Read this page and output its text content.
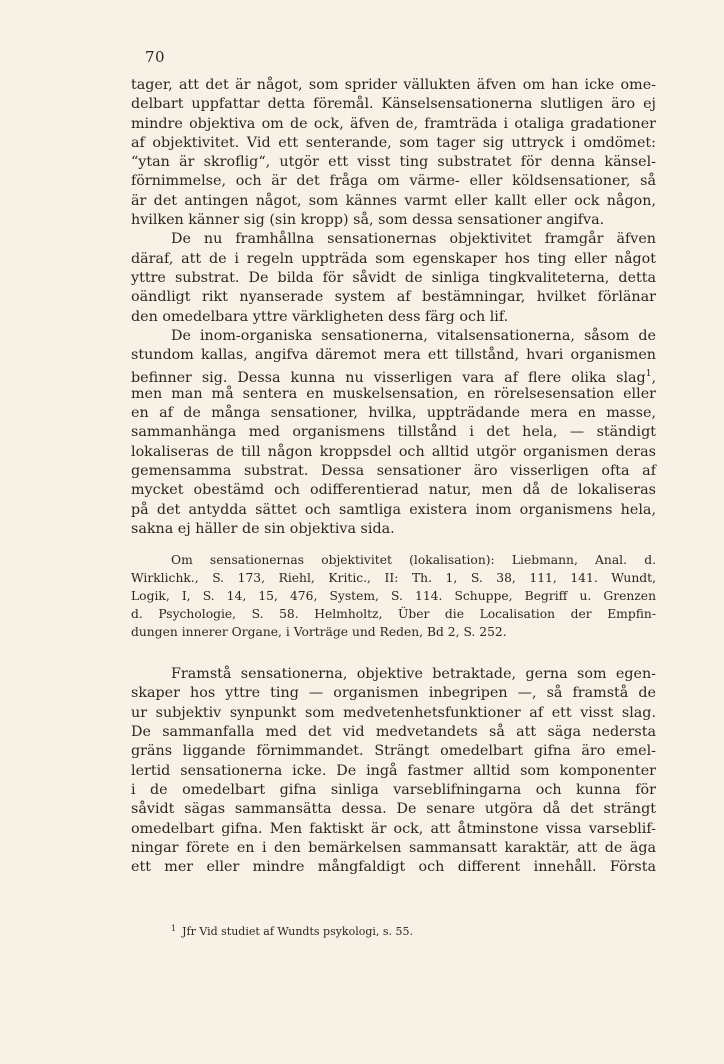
70
tager, att det är något, som sprider vällukten äfven om han icke ome-
delbart uppfattar detta föremål. Känselsensationerna slutligen äro ej
mindre objektiva om de ock, äfven de, framträda i otaliga gradationer
af objektivitet. Vid ett senterande, som tager sig uttryck i omdömet:
“ytan är skroflig“, utgör ett visst ting substratet för denna känsel-
förnimmelse, och är det fråga om värme- eller köldsensationer, så
är det antingen något, som kännes varmt eller kallt eller ock någon,
hvilken känner sig (sin kropp) så, som dessa sensationer angifva.
De nu framhållna sensationernas objektivitet framgår äfven
däraf, att de i regeln uppträda som egenskaper hos ting eller något
yttre substrat. De bilda för såvidt de sinliga tingkvaliteterna, detta
oändligt rikt nyanserade system af bestämningar, hvilket förlänar
den omedelbara yttre värkligheten dess färg och lif.
De inom-organiska sensationerna, vitalsensationerna, såsom de
stundom kallas, angifva däremot mera ett tillstånd, hvari organismen
befinner sig. Dessa kunna nu visserligen vara af flere olika slag$^1$,
men man må sentera en muskelsensation, en rörelsesensation eller
en af de många sensationer, hvilka, uppträdande mera en masse,
sammanhänga med organismens tillstånd i det hela, — ständigt
lokaliseras de till någon kroppsdel och alltid utgör organismen deras
gemensamma substrat. Dessa sensationer äro visserligen ofta af
mycket obestämd och odifferentierad natur, men då de lokaliseras
på det antydda sättet och samtliga existera inom organismens hela,
sakna ej häller de sin objektiva sida.
Om sensationernas objektivitet (lokalisation): Liebmann, Anal. d.
Wirklichk., S. 173, Riehl, Kritic., II: Th. 1, S. 38, 111, 141. Wundt,
Logik, I, S. 14, 15, 476, System, S. 114. Schuppe, Begriff u. Grenzen
d. Psychologie, S. 58. Helmholtz, Über die Localisation der Empfin-
dungen innerer Organe, i Vorträge und Reden, Bd 2, S. 252.
Framstå sensationerna, objektive betraktade, gerna som egen-
skaper hos yttre ting — organismen inbegripen —, så framstå de
ur subjektiv synpunkt som medvetenhetsfunktioner af ett visst slag.
De sammanfalla med det vid medvetandets så att säga nedersta
gräns liggande förnimmandet. Strängt omedelbart gifna äro emel-
lertid sensationerna icke. De ingå fastmer alltid som komponenter
i de omedelbart gifna sinliga varseblifningarna och kunna för
såvidt sägas sammansätta dessa. De senare utgöra då det strängt
omedelbart gifna. Men faktiskt är ock, att åtminstone vissa varseblif-
ningar förete en i den bemärkelsen sammansatt karaktär, att de äga
ett mer eller mindre mångfaldigt och different innehåll. Första
$^1$ Jfr Vid studiet af Wundts psykologi, s. 55.
